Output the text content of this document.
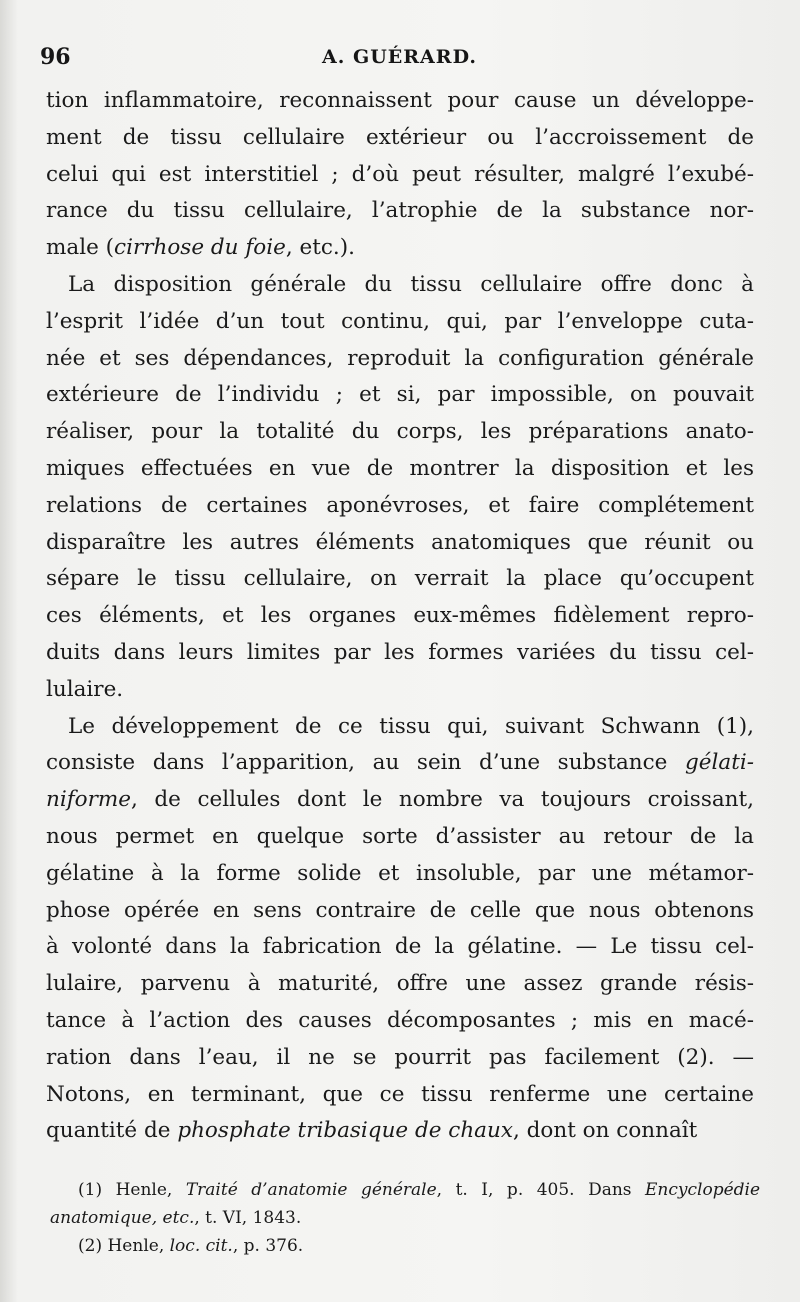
96	A. GUÉRARD.
tion inflammatoire, reconnaissent pour cause un développe-
ment de tissu cellulaire extérieur ou l’accroissement de
celui qui est interstitiel ; d’où peut résulter, malgré l’exubé-
rance du tissu cellulaire, l’atrophie de la substance nor-
male (cirrhose du foie, etc.).
La disposition générale du tissu cellulaire offre donc à
l’esprit l’idée d’un tout continu, qui, par l’enveloppe cuta-
née et ses dépendances, reproduit la configuration générale
extérieure de l’individu ; et si, par impossible, on pouvait
réaliser, pour la totalité du corps, les préparations anato-
miques effectuées en vue de montrer la disposition et les
relations de certaines aponévroses, et faire complétement
disparaître les autres éléments anatomiques que réunit ou
sépare le tissu cellulaire, on verrait la place qu’occupent
ces éléments, et les organes eux-mêmes fidèlement repro-
duits dans leurs limites par les formes variées du tissu cel-
lulaire.
Le développement de ce tissu qui, suivant Schwann (1),
consiste dans l’apparition, au sein d’une substance gélati-
niforme, de cellules dont le nombre va toujours croissant,
nous permet en quelque sorte d’assister au retour de la
gélatine à la forme solide et insoluble, par une métamor-
phose opérée en sens contraire de celle que nous obtenons
à volonté dans la fabrication de la gélatine. — Le tissu cel-
lulaire, parvenu à maturité, offre une assez grande résis-
tance à l’action des causes décomposantes ; mis en macé-
ration dans l’eau, il ne se pourrit pas facilement (2). —
Notons, en terminant, que ce tissu renferme une certaine
quantité de phosphate tribasique de chaux, dont on connaît
(1) Henle, Traité d’anatomie générale, t. I, p. 405. Dans Encyclopédie
anatomique, etc., t. VI, 1843.
(2) Henle, loc. cit., p. 376.
